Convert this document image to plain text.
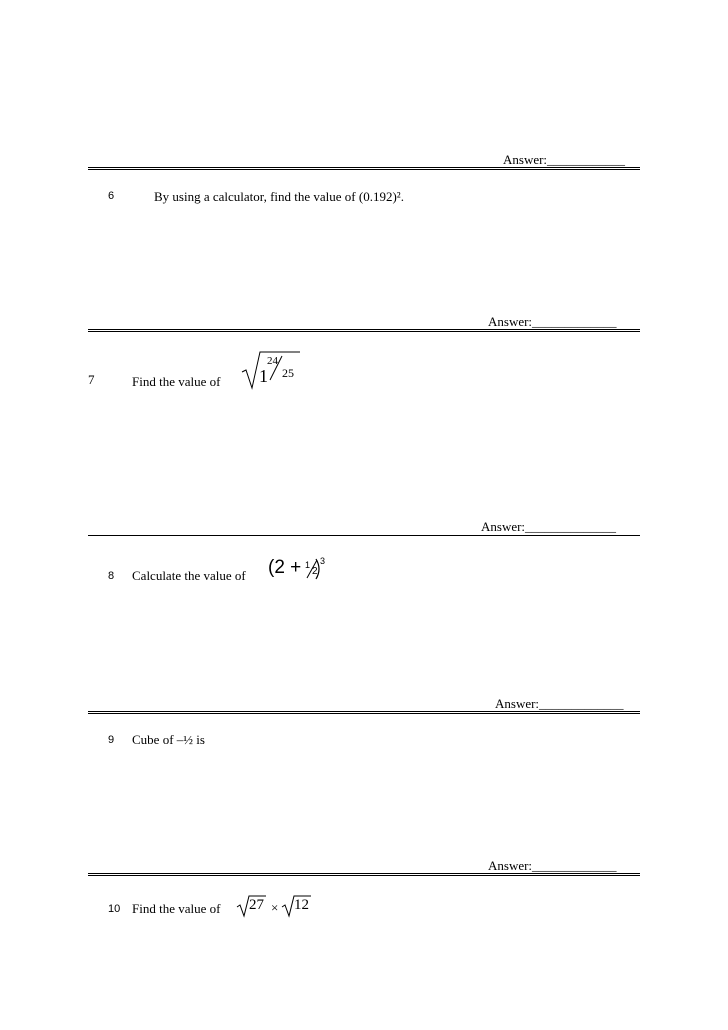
Answer:____________
6	By using a calculator, find the value of (0.192)².
Answer:_____________
7	Find the value of 1
24
25
Answer:______________
8 Calculate the value of (2 + 1
2
3
Answer:_____________
9 Cube of –½ is
Answer:_____________
10 Find the value of 27 × 12
